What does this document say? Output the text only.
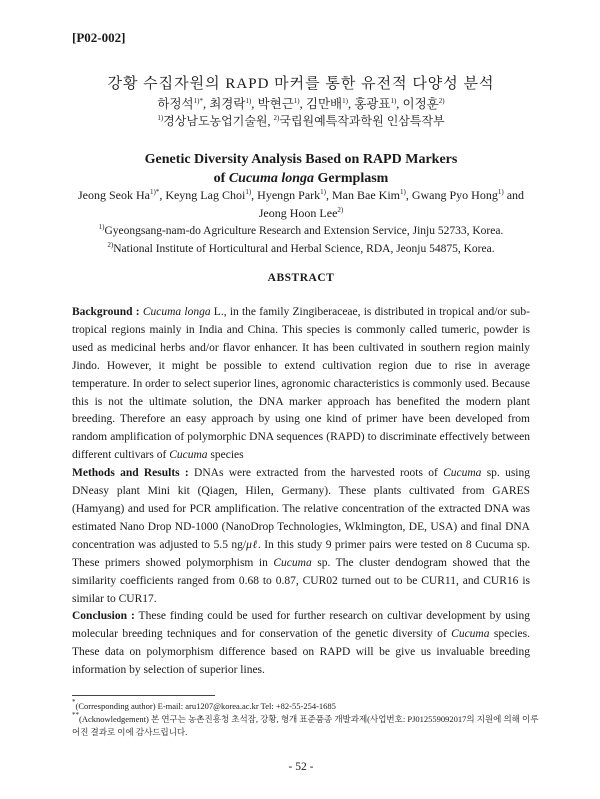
[P02-002]
강황 수집자원의 RAPD 마커를 통한 유전적 다양성 분석
하정석$^{1)*}$, 최경락$^{1)}$, 박현근$^{1)}$, 김만배$^{1)}$, 홍광표$^{1)}$, 이정훈$^{2)}$
$^{1)}$경상남도농업기술원, $^{2)}$국립원예특작과학원 인삼특작부
Genetic Diversity Analysis Based on RAPD Markers
of Cucuma longa Germplasm
Jeong Seok $Ha^{1)*}$, Keyng Lag Choi$^{1)}$, Hyengn Park$^{1)}$, Man Bae Kim$^{1)}$, Gwang Pyo Hong$^{1)}$ and
Jeong Hoon Lee$^{2)}$
$^{1)}$Gyeongsang-nam-do Agriculture Research and Extension Service, Jinju 52733, Korea.
$^{2)}$National Institute of Horticultural and Herbal Science, RDA, Jeonju 54875, Korea.
ABSTRACT

Background : Cucuma longa L., in the family Zingiberaceae, is distributed in tropical and/or sub-tropical regions mainly in India and China. This species is commonly called tumeric, powder is used as medicinal herbs and/or flavor enhancer. It has been cultivated in southern region mainly Jindo. However, it might be possible to extend cultivation region due to rise in average temperature. In order to select superior lines, agronomic characteristics is commonly used. Because this is not the ultimate solution, the DNA marker approach has benefited the modern plant breeding. Therefore an easy approach by using one kind of primer have been developed from random amplification of polymorphic DNA sequences (RAPD) to discriminate effectively between different cultivars of Cucuma species

Methods and Results : DNAs were extracted from the harvested roots of Cucuma sp. using DNeasy plant Mini kit (Qiagen, Hilen, Germany). These plants cultivated from GARES (Hamyang) and used for PCR amplification. The relative concentration of the extracted DNA was estimated Nano Drop ND-1000 (NanoDrop Technologies, Wklmington, DE, USA) and final DNA concentration was adjusted to 5.5 ng/μℓ. In this study 9 primer pairs were tested on 8 Cucuma sp. These primers showed polymorphism in Cucuma sp. The cluster dendogram showed that the similarity coefficients ranged from 0.68 to 0.87, CUR02 turned out to be CUR11, and CUR16 is similar to CUR17.

Conclusion : These finding could be used for further research on cultivar development by using molecular breeding techniques and for conservation of the genetic diversity of Cucuma species. These data on polymorphism difference based on RAPD will be give us invaluable breeding information by selection of superior lines.

*(Corresponding author) E-mail: aru1207@korea.ac.kr Tel: +82-55-254-1685

**(Acknowledgement) 본 연구는 농촌진흥청 초석잠, 강황, 형개 표준품종 개발과제(사업번호: PJ012559092017의 지원에 의해 이루어진 결과로 이에 감사드립니다.

- 52 -
